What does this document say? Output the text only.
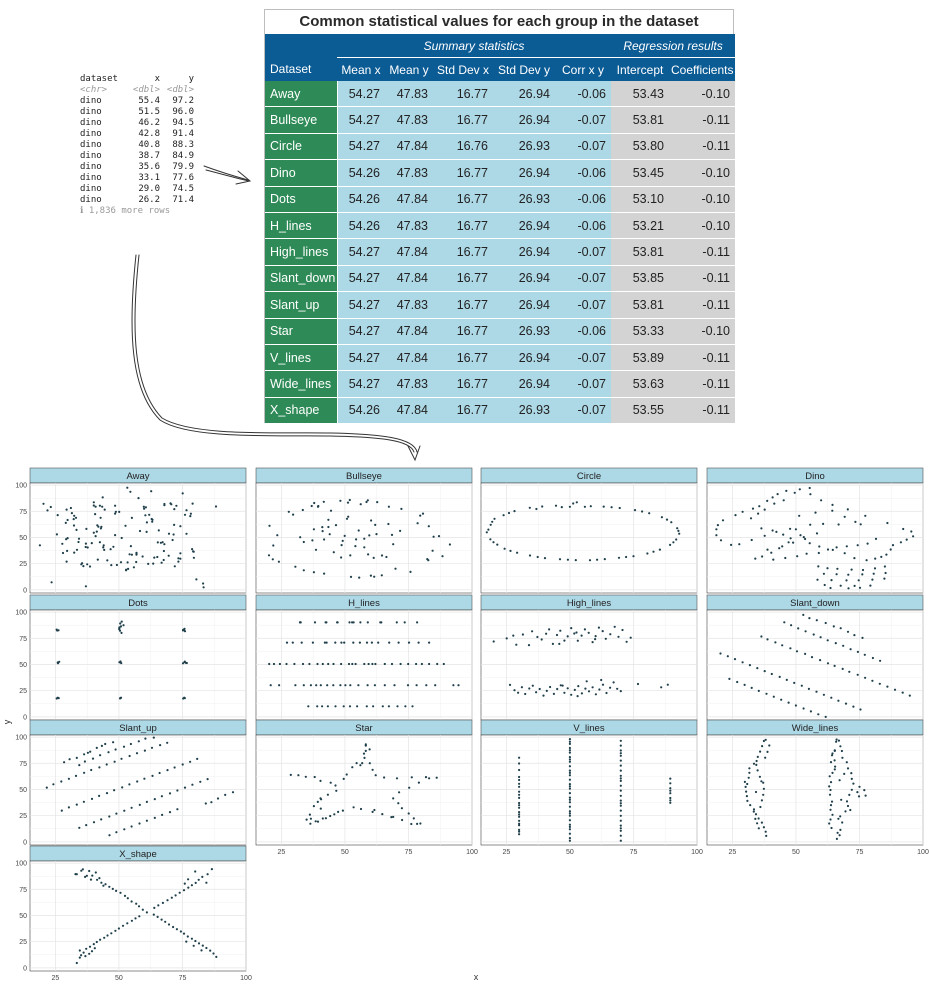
dataset	x	y
<chr>	<dbl> <dbl>
dino	55.4	97.2
dino	51.5	96.0
dino	46.2	94.5
dino	42.8	91.4
dino	40.8	88.3
dino	38.7	84.9
dino	35.6	79.9
dino	33.1	77.6
dino	29.0	74.5
dino	26.2	71.4
ℹ 1,836 more rows
Common statistical values for each group in the dataset
	Summary statistics					Regression results	
Dataset	Mean x	Mean y	Std Dev x	Std Dev y	Corr x y	Intercept	Coefficients
Away	54.27	47.83	16.77	26.94	-0.06	53.43	-0.10
Bullseye	54.27	47.83	16.77	26.94	-0.07	53.81	-0.11
Circle	54.27	47.84	16.76	26.93	-0.07	53.80	-0.11
Dino	54.26	47.83	16.77	26.94	-0.06	53.45	-0.10
Dots	54.26	47.84	16.77	26.93	-0.06	53.10	-0.10
H_lines	54.26	47.83	16.77	26.94	-0.06	53.21	-0.10
High_lines	54.27	47.84	16.77	26.94	-0.07	53.81	-0.11
Slant_down	54.27	47.84	16.77	26.94	-0.07	53.85	-0.11
Slant_up	54.27	47.83	16.77	26.94	-0.07	53.81	-0.11
Star	54.27	47.84	16.77	26.93	-0.06	53.33	-0.10
V_lines	54.27	47.84	16.77	26.94	-0.07	53.89	-0.11
Wide_lines	54.27	47.83	16.77	26.94	-0.07	53.63	-0.11
X_shape	54.26	47.84	16.77	26.93	-0.07	53.55	-0.11
Away
0
25
50
75
100
Bullseye	Circle	Dino
Dots
0
25
50
75
100
H_lines	High_lines	Slant_down
Slant_up
0
25
50
75
100
Star
25	50	75	100
V_lines
25	50	75	100
Wide_lines
25	50	75	100
X_shape
0
25
50
75
100
25	50	75	100	x
y
